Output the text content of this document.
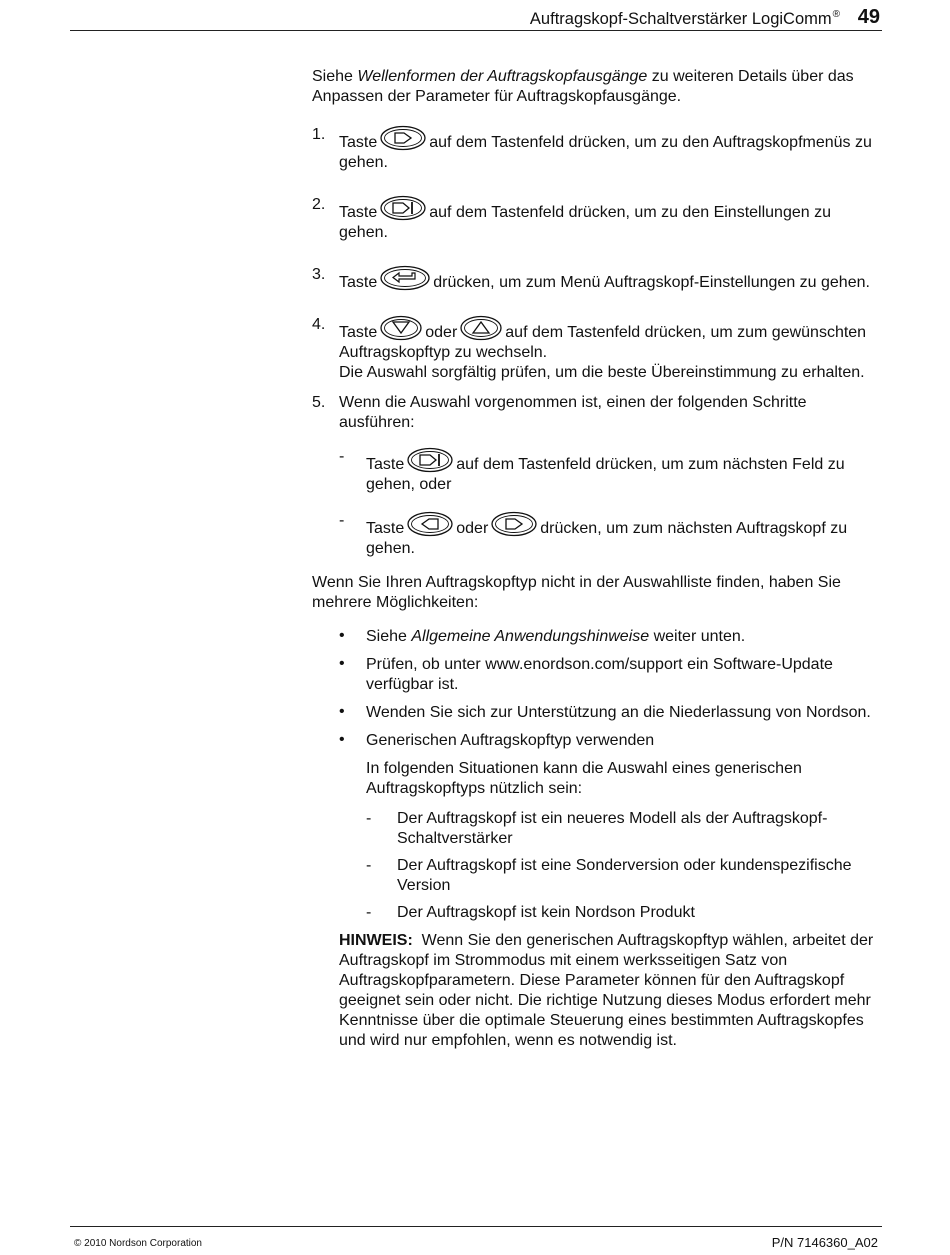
Auftragskopf-Schaltverstärker LogiComm® 49

Siehe Wellenformen der Auftragskopfausgänge zu weiteren Details über das Anpassen der Parameter für Auftragskopfausgänge.

1. Taste	auf dem Tastenfeld drücken, um zu den Auftragskopfmenüs zu gehen.
2. Taste	auf dem Tastenfeld drücken, um zu den Einstellungen zu gehen.
3. Taste	drücken, um zum Menü Auftragskopf-Einstellungen zu gehen.
4. Taste	oder	auf dem Tastenfeld drücken, um zum gewünschten Auftragskopftyp zu wechseln.
Die Auswahl sorgfältig prüfen, um die beste Übereinstimmung zu erhalten.
5. Wenn die Auswahl vorgenommen ist, einen der folgenden Schritte ausführen:
- Taste	auf dem Tastenfeld drücken, um zum nächsten Feld zu gehen, oder
- Taste	oder	drücken, um zum nächsten Auftragskopf zu gehen.

Wenn Sie Ihren Auftragskopftyp nicht in der Auswahlliste finden, haben Sie mehrere Möglichkeiten:

• Siehe Allgemeine Anwendungshinweise weiter unten.
• Prüfen, ob unter www.enordson.com/support ein Software-Update verfügbar ist.
• Wenden Sie sich zur Unterstützung an die Niederlassung von Nordson.
• Generischen Auftragskopftyp verwenden

In folgenden Situationen kann die Auswahl eines generischen Auftragskopftyps nützlich sein:

- Der Auftragskopf ist ein neueres Modell als der Auftragskopf-Schaltverstärker
- Der Auftragskopf ist eine Sonderversion oder kundenspezifische Version
- Der Auftragskopf ist kein Nordson Produkt

HINWEIS: Wenn Sie den generischen Auftragskopftyp wählen, arbeitet der Auftragskopf im Strommodus mit einem werksseitigen Satz von Auftragskopfparametern. Diese Parameter können für den Auftragskopf geeignet sein oder nicht. Die richtige Nutzung dieses Modus erfordert mehr Kenntnisse über die optimale Steuerung eines bestimmten Auftragskopfes und wird nur empfohlen, wenn es notwendig ist.

© 2010 Nordson Corporation	P/N 7146360_A02
